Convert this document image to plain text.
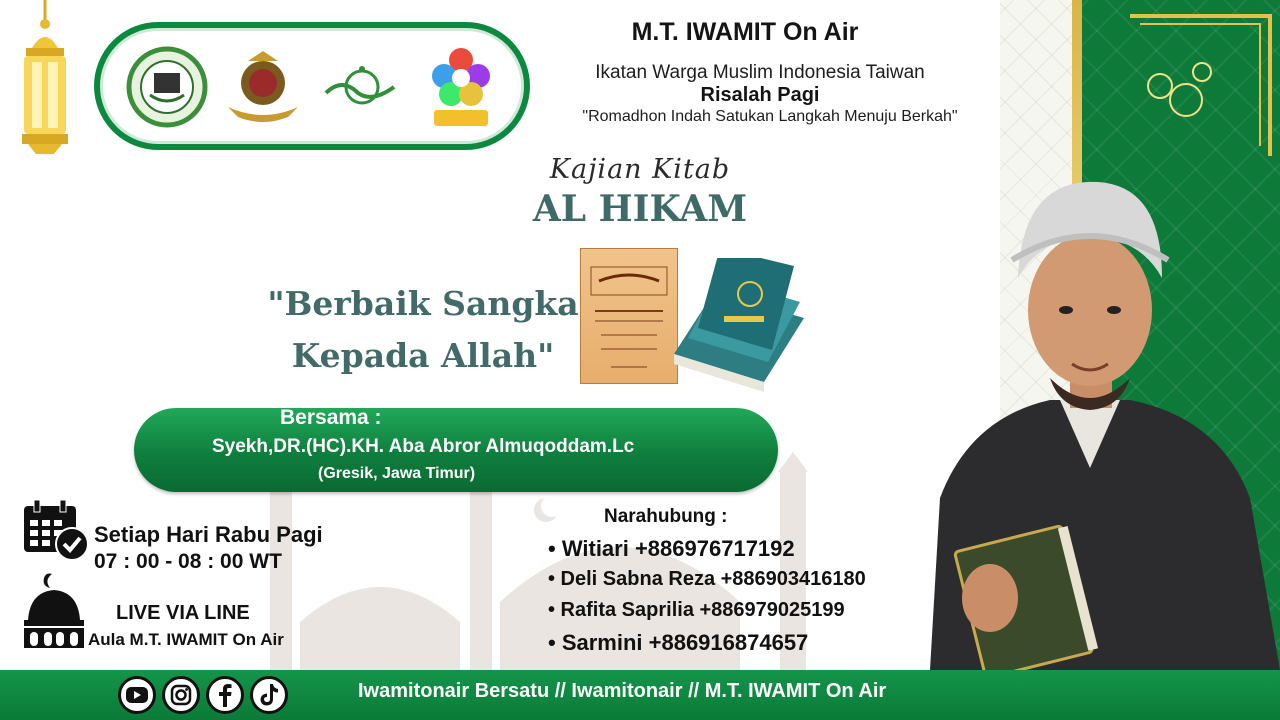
M.T. IWAMIT On Air
Ikatan Warga Muslim Indonesia Taiwan
Risalah Pagi
"Romadhon Indah Satukan Langkah Menuju Berkah"
Kajian Kitab
AL HIKAM
"Berbaik Sangka
Kepada Allah"
Bersama :
Syekh,DR.(HC).KH. Aba Abror Almuqoddam.Lc
(Gresik, Jawa Timur)
Setiap Hari Rabu Pagi
07 : 00 - 08 : 00 WT
LIVE VIA LINE
Aula M.T. IWAMIT On Air
Narahubung :
• Witiari +886976717192
• Deli Sabna Reza +886903416180
• Rafita Saprilia +886979025199
• Sarmini +886916874657
Iwamitonair Bersatu // Iwamitonair // M.T. IWAMIT On Air
